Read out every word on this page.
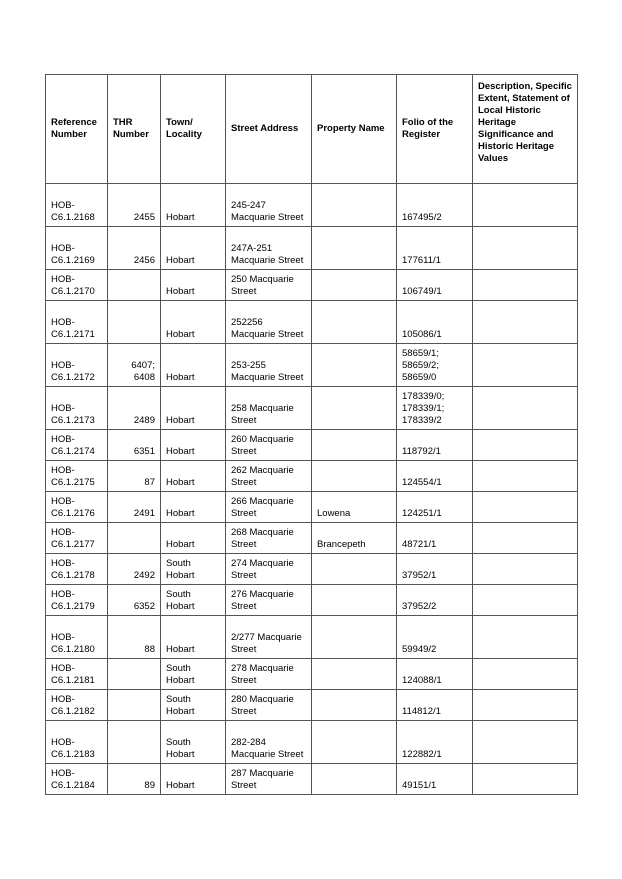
Reference Number	THR Number	Town/ Locality	Street Address	Property Name	Folio of the Register	Description, Specific Extent, Statement of Local Historic Heritage Significance and Historic Heritage Values
HOB-C6.1.2168	2455	Hobart	245-247 Macquarie Street		167495/2	
HOB-C6.1.2169	2456	Hobart	247A-251 Macquarie Street		177611/1	
HOB-C6.1.2170		Hobart	250 Macquarie Street		106749/1	
HOB-C6.1.2171		Hobart	252256 Macquarie Street		105086/1	
HOB-C6.1.2172	6407; 6408	Hobart	253-255 Macquarie Street		58659/1; 58659/2; 58659/0	
HOB-C6.1.2173	2489	Hobart	258 Macquarie Street		178339/0; 178339/1; 178339/2	
HOB-C6.1.2174	6351	Hobart	260 Macquarie Street		118792/1	
HOB-C6.1.2175	87	Hobart	262 Macquarie Street		124554/1	
HOB-C6.1.2176	2491	Hobart	266 Macquarie Street	Lowena	124251/1	
HOB-C6.1.2177		Hobart	268 Macquarie Street	Brancepeth	48721/1	
HOB-C6.1.2178	2492	South Hobart	274 Macquarie Street		37952/1	
HOB-C6.1.2179	6352	South Hobart	276 Macquarie Street		37952/2	
HOB-C6.1.2180	88	Hobart	2/277 Macquarie Street		59949/2	
HOB-C6.1.2181		South Hobart	278 Macquarie Street		124088/1	
HOB-C6.1.2182		South Hobart	280 Macquarie Street		114812/1	
HOB-C6.1.2183		South Hobart	282-284 Macquarie Street		122882/1	
HOB-C6.1.2184	89	Hobart	287 Macquarie Street		49151/1	
